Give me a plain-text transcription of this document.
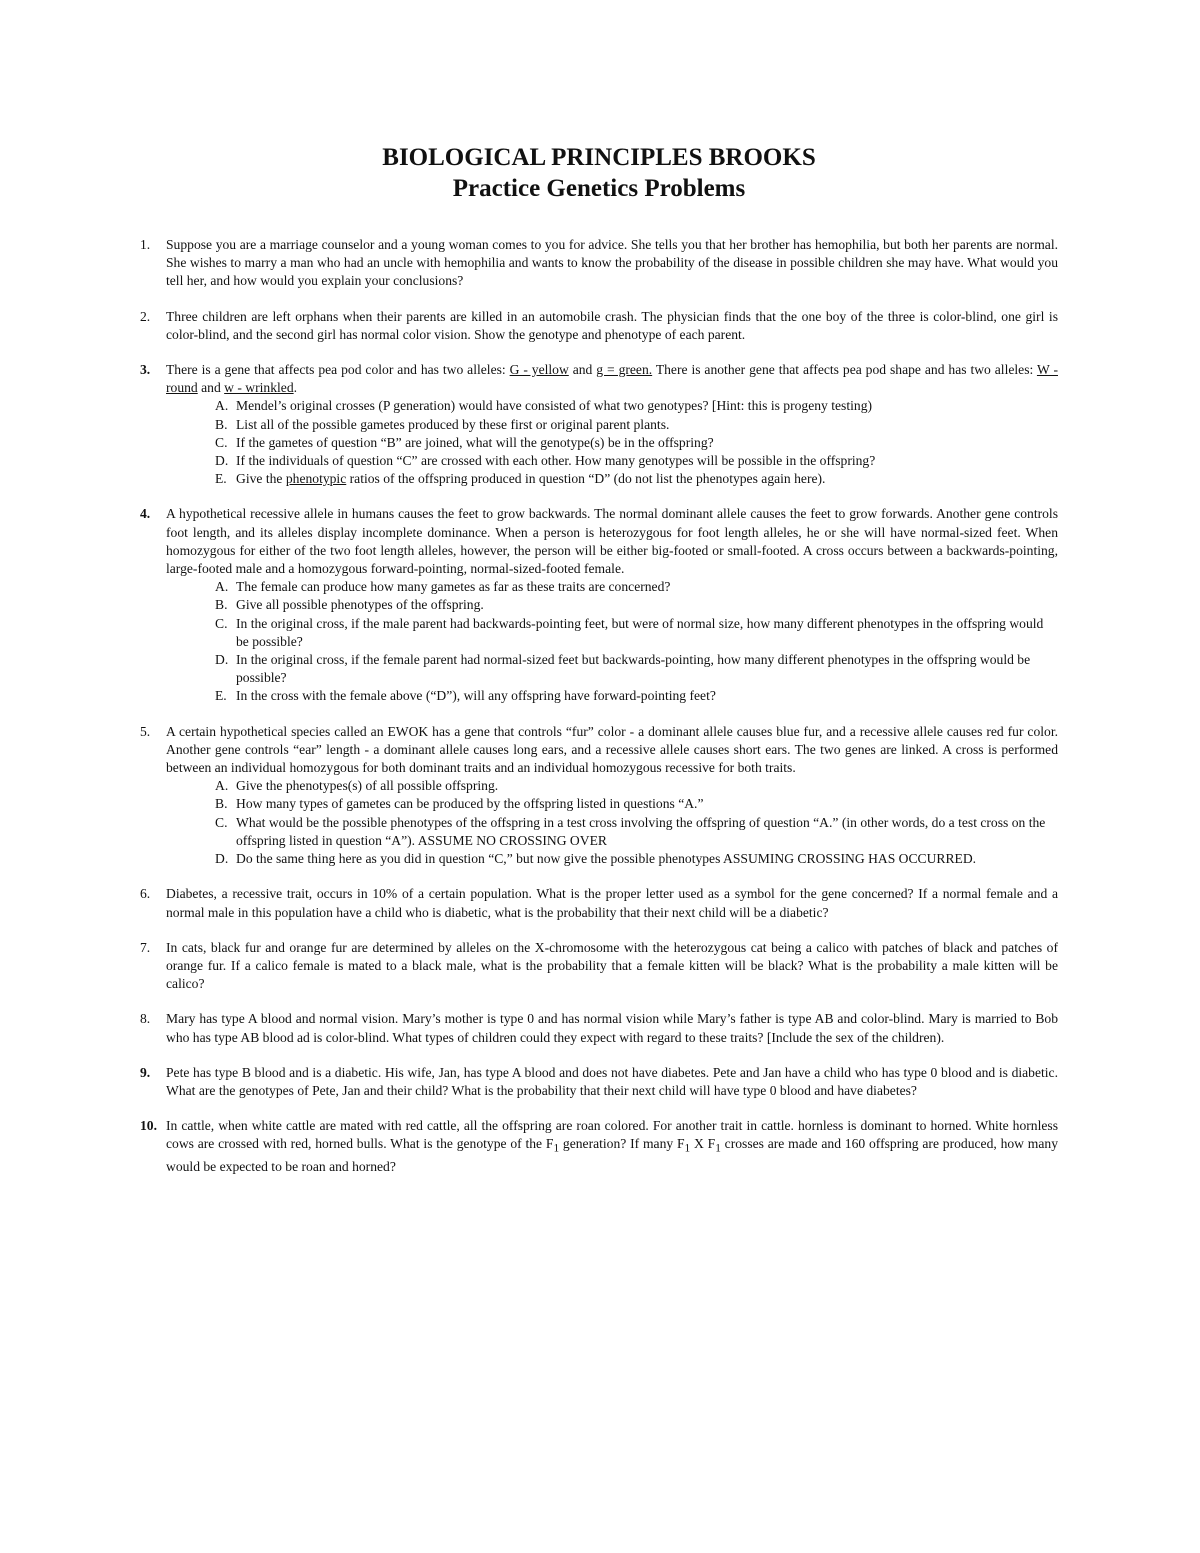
BIOLOGICAL PRINCIPLES BROOKS
Practice Genetics Problems
1. Suppose you are a marriage counselor and a young woman comes to you for advice. She tells you that her brother has hemophilia, but both her parents are normal. She wishes to marry a man who had an uncle with hemophilia and wants to know the probability of the disease in possible children she may have. What would you tell her, and how would you explain your conclusions?
2. Three children are left orphans when their parents are killed in an automobile crash. The physician finds that the one boy of the three is color-blind, one girl is color-blind, and the second girl has normal color vision. Show the genotype and phenotype of each parent.
3. There is a gene that affects pea pod color and has two alleles: G - yellow and g = green. There is another gene that affects pea pod shape and has two alleles: W - round and w - wrinkled.
A. Mendel’s original crosses (P generation) would have consisted of what two genotypes? [Hint: this is progeny testing)
B. List all of the possible gametes produced by these first or original parent plants.
C. If the gametes of question “B” are joined, what will the genotype(s) be in the offspring?
D. If the individuals of question “C” are crossed with each other. How many genotypes will be possible in the offspring?
E. Give the phenotypic ratios of the offspring produced in question “D” (do not list the phenotypes again here).
4. A hypothetical recessive allele in humans causes the feet to grow backwards. The normal dominant allele causes the feet to grow forwards. Another gene controls foot length, and its alleles display incomplete dominance. When a person is heterozygous for foot length alleles, he or she will have normal-sized feet. When homozygous for either of the two foot length alleles, however, the person will be either big-footed or small-footed. A cross occurs between a backwards-pointing, large-footed male and a homozygous forward-pointing, normal-sized-footed female.
A. The female can produce how many gametes as far as these traits are concerned?
B. Give all possible phenotypes of the offspring.
C. In the original cross, if the male parent had backwards-pointing feet, but were of normal size, how many different phenotypes in the offspring would be possible?
D. In the original cross, if the female parent had normal-sized feet but backwards-pointing, how many different phenotypes in the offspring would be possible?
E. In the cross with the female above (“D”), will any offspring have forward-pointing feet?
5. A certain hypothetical species called an EWOK has a gene that controls “fur” color - a dominant allele causes blue fur, and a recessive allele causes red fur color. Another gene controls “ear” length - a dominant allele causes long ears, and a recessive allele causes short ears. The two genes are linked. A cross is performed between an individual homozygous for both dominant traits and an individual homozygous recessive for both traits.
A. Give the phenotypes(s) of all possible offspring.
B. How many types of gametes can be produced by the offspring listed in questions “A.”
C. What would be the possible phenotypes of the offspring in a test cross involving the offspring of question “A.” (in other words, do a test cross on the offspring listed in question “A”). ASSUME NO CROSSING OVER
D. Do the same thing here as you did in question “C,” but now give the possible phenotypes ASSUMING CROSSING HAS OCCURRED.
6. Diabetes, a recessive trait, occurs in 10% of a certain population. What is the proper letter used as a symbol for the gene concerned? If a normal female and a normal male in this population have a child who is diabetic, what is the probability that their next child will be a diabetic?
7. In cats, black fur and orange fur are determined by alleles on the X-chromosome with the heterozygous cat being a calico with patches of black and patches of orange fur. If a calico female is mated to a black male, what is the probability that a female kitten will be black? What is the probability a male kitten will be calico?
8. Mary has type A blood and normal vision. Mary’s mother is type 0 and has normal vision while Mary’s father is type AB and color-blind. Mary is married to Bob who has type AB blood ad is color-blind. What types of children could they expect with regard to these traits? [Include the sex of the children).
9. Pete has type B blood and is a diabetic. His wife, Jan, has type A blood and does not have diabetes. Pete and Jan have a child who has type 0 blood and is diabetic. What are the genotypes of Pete, Jan and their child? What is the probability that their next child will have type 0 blood and have diabetes?
10. In cattle, when white cattle are mated with red cattle, all the offspring are roan colored. For another trait in cattle. hornless is dominant to horned. White hornless cows are crossed with red, horned bulls. What is the genotype of the $F_1$ generation? If many $F_1$ X $F_1$ crosses are made and 160 offspring are produced, how many would be expected to be roan and horned?
